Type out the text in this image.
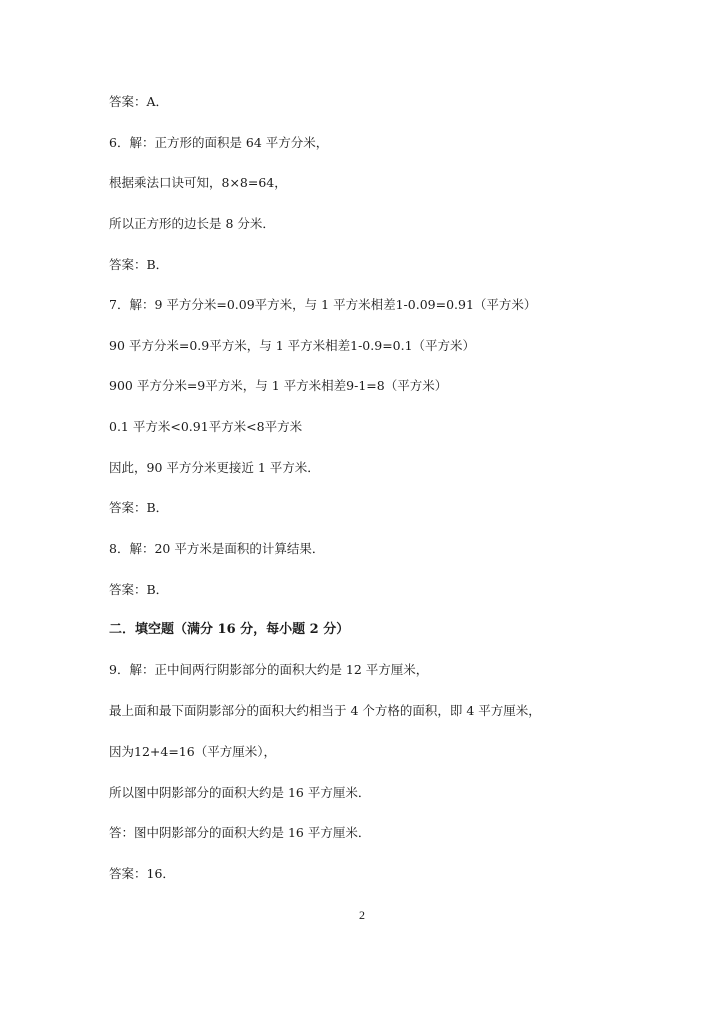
答案：A．
6．解：正方形的面积是 64 平方分米，
根据乘法口诀可知，8×8=64，
所以正方形的边长是 8 分米．
答案：B．
7．解：9 平方分米=0.09平方米，与 1 平方米相差1-0.09=0.91（平方米）
90 平方分米=0.9平方米，与 1 平方米相差1-0.9=0.1（平方米）
900 平方分米=9平方米，与 1 平方米相差9-1=8（平方米）
0.1 平方米<0.91平方米<8平方米
因此，90 平方分米更接近 1 平方米．
答案：B．
8．解：20 平方米是面积的计算结果．
答案：B．
二．填空题（满分 16 分，每小题 2 分）
9．解：正中间两行阴影部分的面积大约是 12 平方厘米，
最上面和最下面阴影部分的面积大约相当于 4 个方格的面积，即 4 平方厘米，
因为12+4=16（平方厘米），
所以图中阴影部分的面积大约是 16 平方厘米．
答：图中阴影部分的面积大约是 16 平方厘米．
答案：16．
2
